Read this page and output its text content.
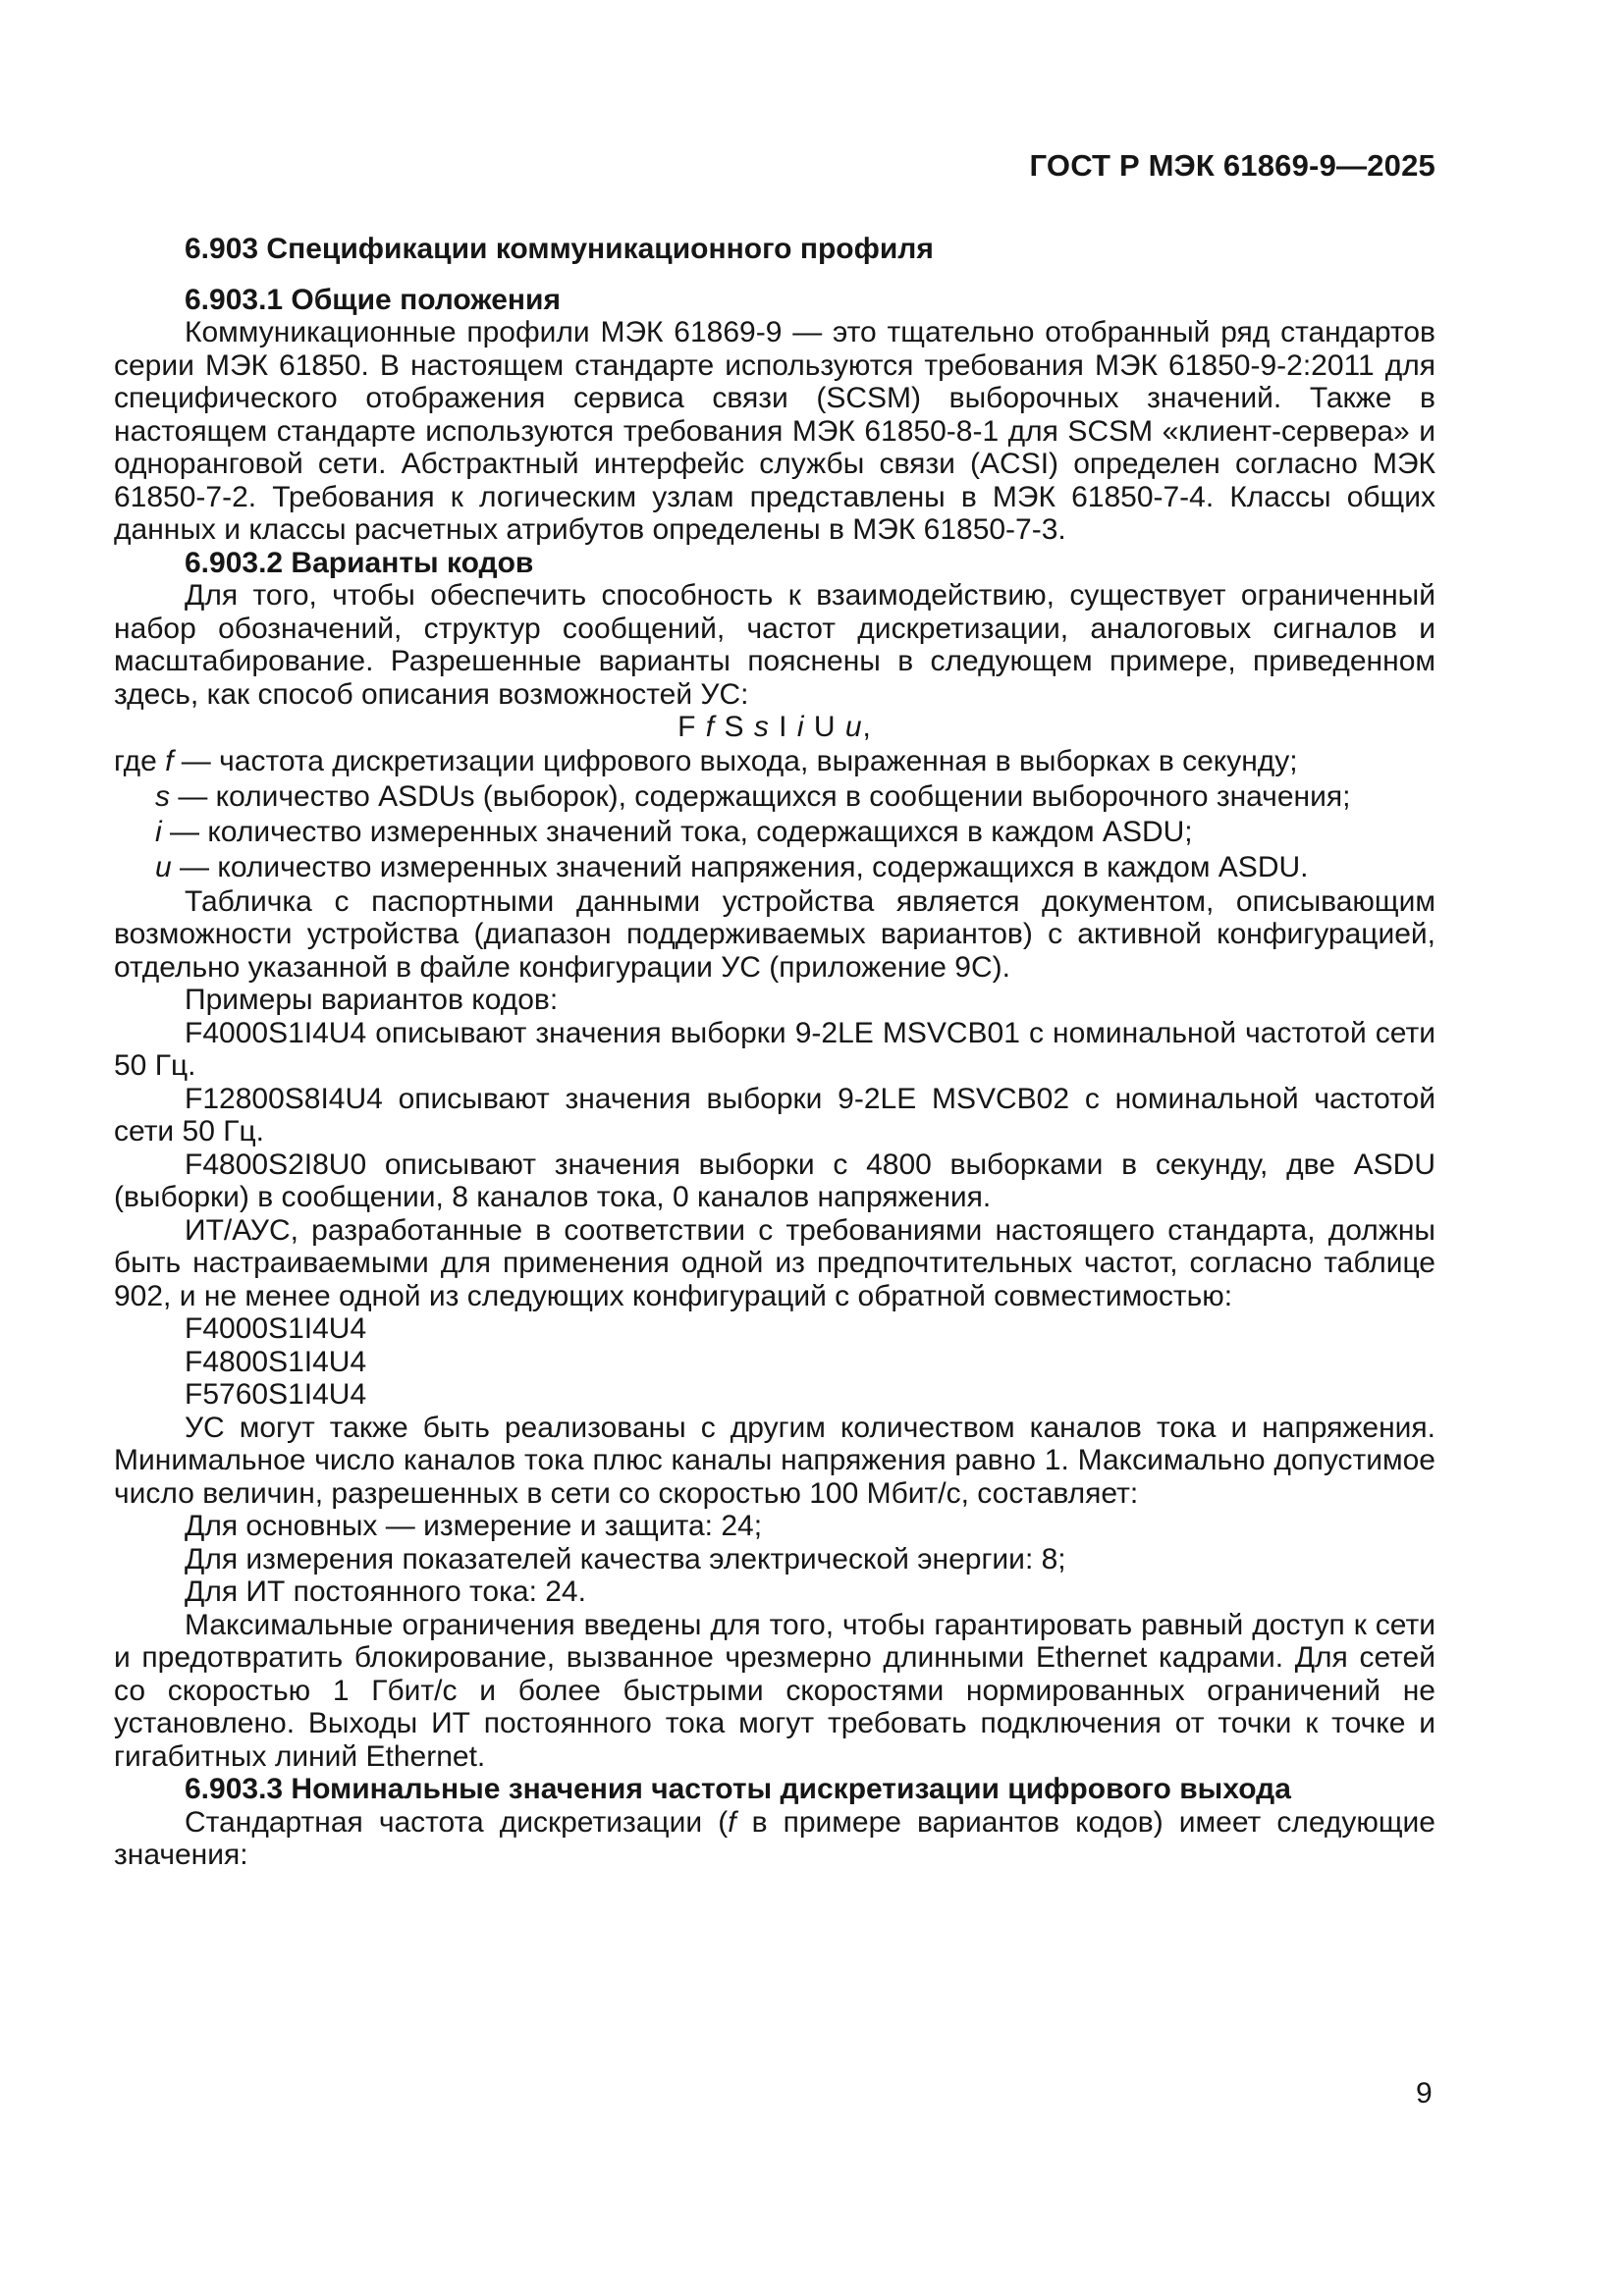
ГОСТ Р МЭК 61869-9—2025
6.903 Спецификации коммуникационного профиля
6.903.1 Общие положения

Коммуникационные профили МЭК 61869-9 — это тщательно отобранный ряд стандартов серии МЭК 61850. В настоящем стандарте используются требования МЭК 61850-9-2:2011 для специфического отображения сервиса связи (SCSM) выборочных значений. Также в настоящем стандарте используются требования МЭК 61850-8-1 для SCSM «клиент-сервера» и одноранговой сети. Абстрактный интерфейс службы связи (ACSI) определен согласно МЭК 61850-7-2. Требования к логическим узлам представлены в МЭК 61850-7-4. Классы общих данных и классы расчетных атрибутов определены в МЭК 61850-7-3.

6.903.2 Варианты кодов

Для того, чтобы обеспечить способность к взаимодействию, существует ограниченный набор обозначений, структур сообщений, частот дискретизации, аналоговых сигналов и масштабирование. Разрешенные варианты пояснены в следующем примере, приведенном здесь, как способ описания возможностей УС:

F f S s I i U u,

где f — частота дискретизации цифрового выхода, выраженная в выборках в секунду;

s — количество ASDUs (выборок), содержащихся в сообщении выборочного значения;

i — количество измеренных значений тока, содержащихся в каждом ASDU;

u — количество измеренных значений напряжения, содержащихся в каждом ASDU.

Табличка с паспортными данными устройства является документом, описывающим возможности устройства (диапазон поддерживаемых вариантов) с активной конфигурацией, отдельно указанной в файле конфигурации УС (приложение 9С).

Примеры вариантов кодов:

F4000S1I4U4 описывают значения выборки 9-2LE MSVCB01 с номинальной частотой сети 50 Гц.

F12800S8I4U4 описывают значения выборки 9-2LE MSVCB02 с номинальной частотой сети 50 Гц.

F4800S2I8U0 описывают значения выборки с 4800 выборками в секунду, две ASDU (выборки) в сообщении, 8 каналов тока, 0 каналов напряжения.

ИТ/АУС, разработанные в соответствии с требованиями настоящего стандарта, должны быть настраиваемыми для применения одной из предпочтительных частот, согласно таблице 902, и не менее одной из следующих конфигураций с обратной совместимостью:

F4000S1I4U4

F4800S1I4U4

F5760S1I4U4

УС могут также быть реализованы с другим количеством каналов тока и напряжения. Минимальное число каналов тока плюс каналы напряжения равно 1. Максимально допустимое число величин, разрешенных в сети со скоростью 100 Мбит/с, составляет:

Для основных — измерение и защита: 24;

Для измерения показателей качества электрической энергии: 8;

Для ИТ постоянного тока: 24.

Максимальные ограничения введены для того, чтобы гарантировать равный доступ к сети и предотвратить блокирование, вызванное чрезмерно длинными Ethernet кадрами. Для сетей со скоростью 1 Гбит/с и более быстрыми скоростями нормированных ограничений не установлено. Выходы ИТ постоянного тока могут требовать подключения от точки к точке и гигабитных линий Ethernet.

6.903.3 Номинальные значения частоты дискретизации цифрового выхода

Стандартная частота дискретизации (f в примере вариантов кодов) имеет следующие значения:

9
